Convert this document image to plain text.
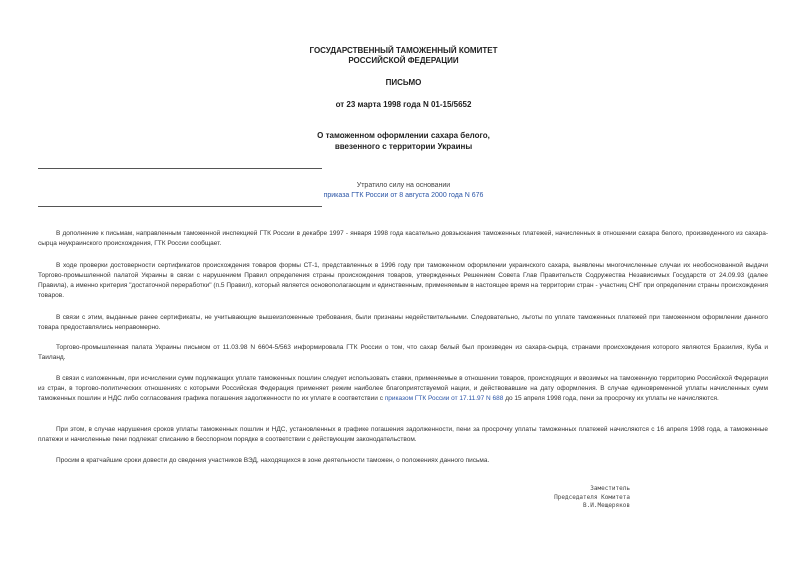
ГОСУДАРСТВЕННЫЙ ТАМОЖЕННЫЙ КОМИТЕТ
РОССИЙСКОЙ ФЕДЕРАЦИИ
ПИСЬМО
от 23 марта 1998 года N 01-15/5652
О таможенном оформлении сахара белого,
ввезенного с территории Украины
Утратило силу на основании
приказа ГТК России от 8 августа 2000 года N 676
В дополнение к письмам, направленным таможенной инспекцией ГТК России в декабре 1997 - января 1998 года касательно довзыскания таможенных платежей, начисленных в отношении сахара белого, произведенного из сахара-сырца неукраинского происхождения, ГТК России сообщает.
В ходе проверки достоверности сертификатов происхождения товаров формы СТ-1, представленных в 1996 году при таможенном оформлении украинского сахара, выявлены многочисленные случаи их необоснованной выдачи Торгово-промышленной палатой Украины в связи с нарушением Правил определения страны происхождения товаров, утвержденных Решением Совета Глав Правительств Содружества Независимых Государств от 24.09.93 (далее Правила), а именно критерия "достаточной переработки" (п.5 Правил), который является основополагающим и единственным, применяемым в настоящее время на территории стран - участниц СНГ при определении страны происхождения товаров.
В связи с этим, выданные ранее сертификаты, не учитывающие вышеизложенные требования, были признаны недействительными. Следовательно, льготы по уплате таможенных платежей при таможенном оформлении данного товара предоставлялись неправомерно.
Торгово-промышленная палата Украины письмом от 11.03.98 N 6604-5/563 информировала ГТК России о том, что сахар белый был произведен из сахара-сырца, странами происхождения которого являются Бразилия, Куба и Таиланд.
В связи с изложенным, при исчислении сумм подлежащих уплате таможенных пошлин следует использовать ставки, применяемые в отношении товаров, происходящих и ввозимых на таможенную территорию Российской Федерации из стран, в торгово-политических отношениях с которыми Российская Федерация применяет режим наиболее благоприятствуемой нации, и действовавшие на дату оформления. В случае единовременной уплаты начисленных сумм таможенных пошлин и НДС либо согласования графика погашения задолженности по их уплате в соответствии с приказом ГТК России от 17.11.97 N 688 до 15 апреля 1998 года, пени за просрочку их уплаты не начисляются.
При этом, в случае нарушения сроков уплаты таможенных пошлин и НДС, установленных в графике погашения задолженности, пени за просрочку уплаты таможенных платежей начисляются с 16 апреля 1998 года, а таможенные платежи и начисленные пени подлежат списанию в бесспорном порядке в соответствии с действующим законодательством.
Просим в кратчайшие сроки довести до сведения участников ВЭД, находящихся в зоне деятельности таможен, о положениях данного письма.
Заместитель
Председателя Комитета
В.И.Мещеряков
